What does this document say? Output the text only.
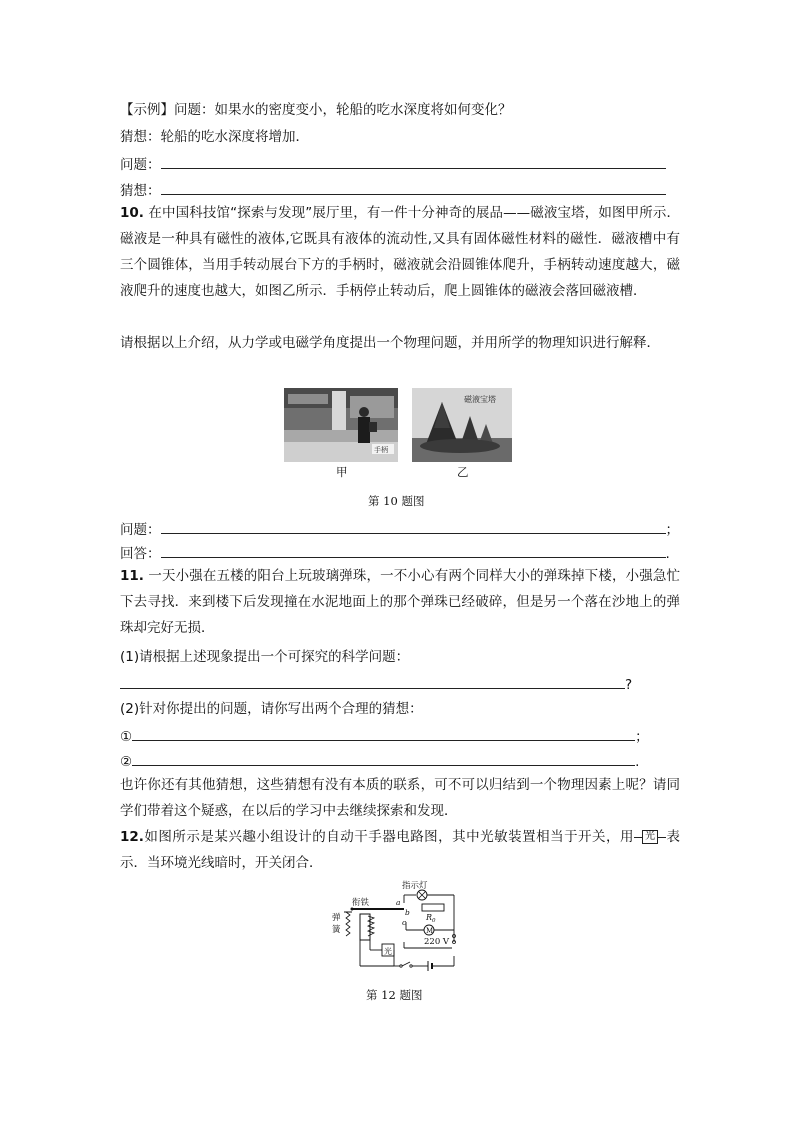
【示例】问题：如果水的密度变小，轮船的吃水深度将如何变化？
猜想：轮船的吃水深度将增加．
问题：
猜想：
10. 在中国科技馆“探索与发现”展厅里，有一件十分神奇的展品——磁液宝塔，如图甲所示．磁液是一种具有磁性的液体,它既具有液体的流动性,又具有固体磁性材料的磁性．磁液槽中有三个圆锥体，当用手转动展台下方的手柄时，磁液就会沿圆锥体爬升，手柄转动速度越大，磁液爬升的速度也越大，如图乙所示．手柄停止转动后，爬上圆锥体的磁液会落回磁液槽．
请根据以上介绍，从力学或电磁学角度提出一个物理问题，并用所学的物理知识进行解释．
手柄
甲
磁液宝塔
乙
第 10 题图
问题：	；
回答：	.
11. 一天小强在五楼的阳台上玩玻璃弹珠，一不小心有两个同样大小的弹珠掉下楼，小强急忙下去寻找．来到楼下后发现撞在水泥地面上的那个弹珠已经破碎，但是另一个落在沙地上的弹珠却完好无损．
(1)请根据上述现象提出一个可探究的科学问题：
?
(2)针对你提出的问题，请你写出两个合理的猜想：
①	；
②	.
也许你还有其他猜想，这些猜想有没有本质的联系，可不可以归结到一个物理因素上呢？请同学们带着这个疑惑，在以后的学习中去继续探索和发现．
12.如图所示是某兴趣小组设计的自动干手器电路图，其中光敏装置相当于开关，用 光 表示．当环境光线暗时，开关闭合．
指示灯
衔铁
弹
簧
a
b
c
$R_0$
M
220 V
光
第 12 题图
